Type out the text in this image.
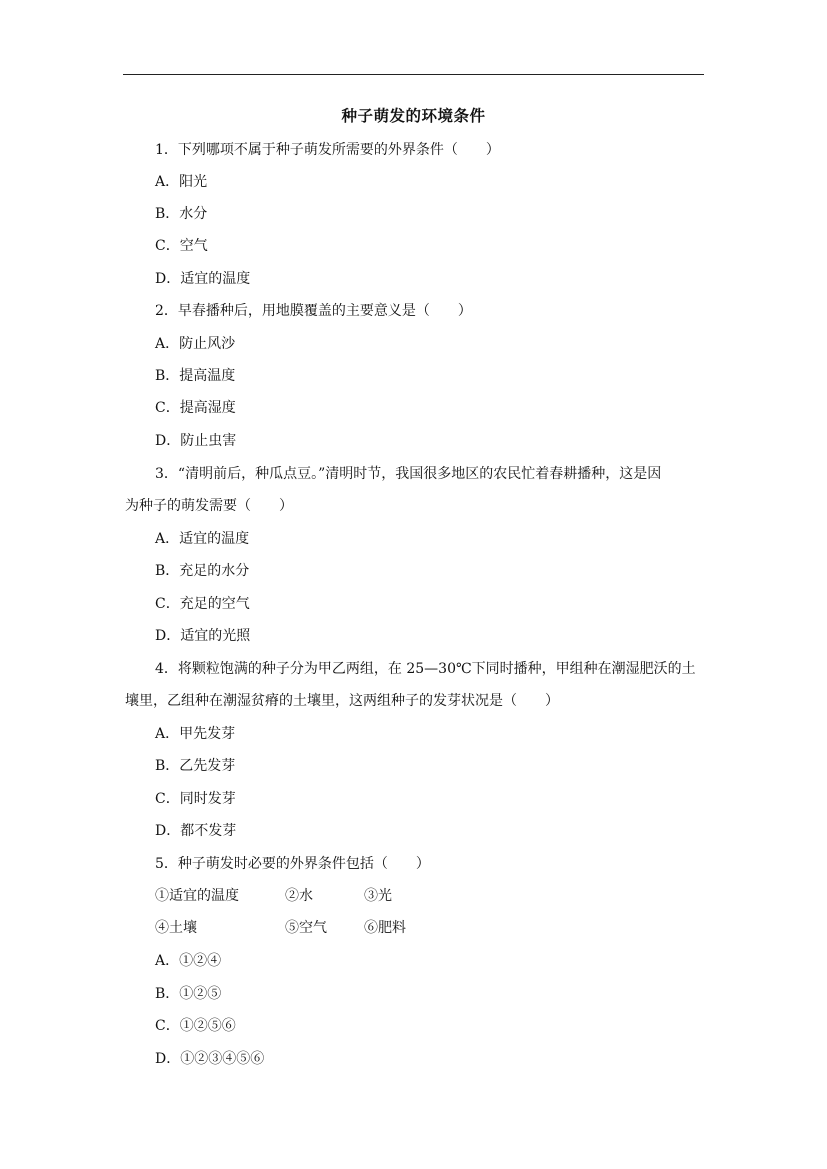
种子萌发的环境条件
1．下列哪项不属于种子萌发所需要的外界条件（　　）
A．阳光
B．水分
C．空气
D．适宜的温度
2．早春播种后，用地膜覆盖的主要意义是（　　）
A．防止风沙
B．提高温度
C．提高湿度
D．防止虫害
3．“清明前后，种瓜点豆。”清明时节，我国很多地区的农民忙着春耕播种，这是因
为种子的萌发需要（　　）
A．适宜的温度
B．充足的水分
C．充足的空气
D．适宜的光照
4．将颗粒饱满的种子分为甲乙两组，在 25—30℃下同时播种，甲组种在潮湿肥沃的土
壤里，乙组种在潮湿贫瘠的土壤里，这两组种子的发芽状况是（　　）
A．甲先发芽
B．乙先发芽
C．同时发芽
D．都不发芽
5．种子萌发时必要的外界条件包括（　　）
①适宜的温度	②水	③光
④土壤	⑤空气	⑥肥料
A．①②④
B．①②⑤
C．①②⑤⑥
D．①②③④⑤⑥
